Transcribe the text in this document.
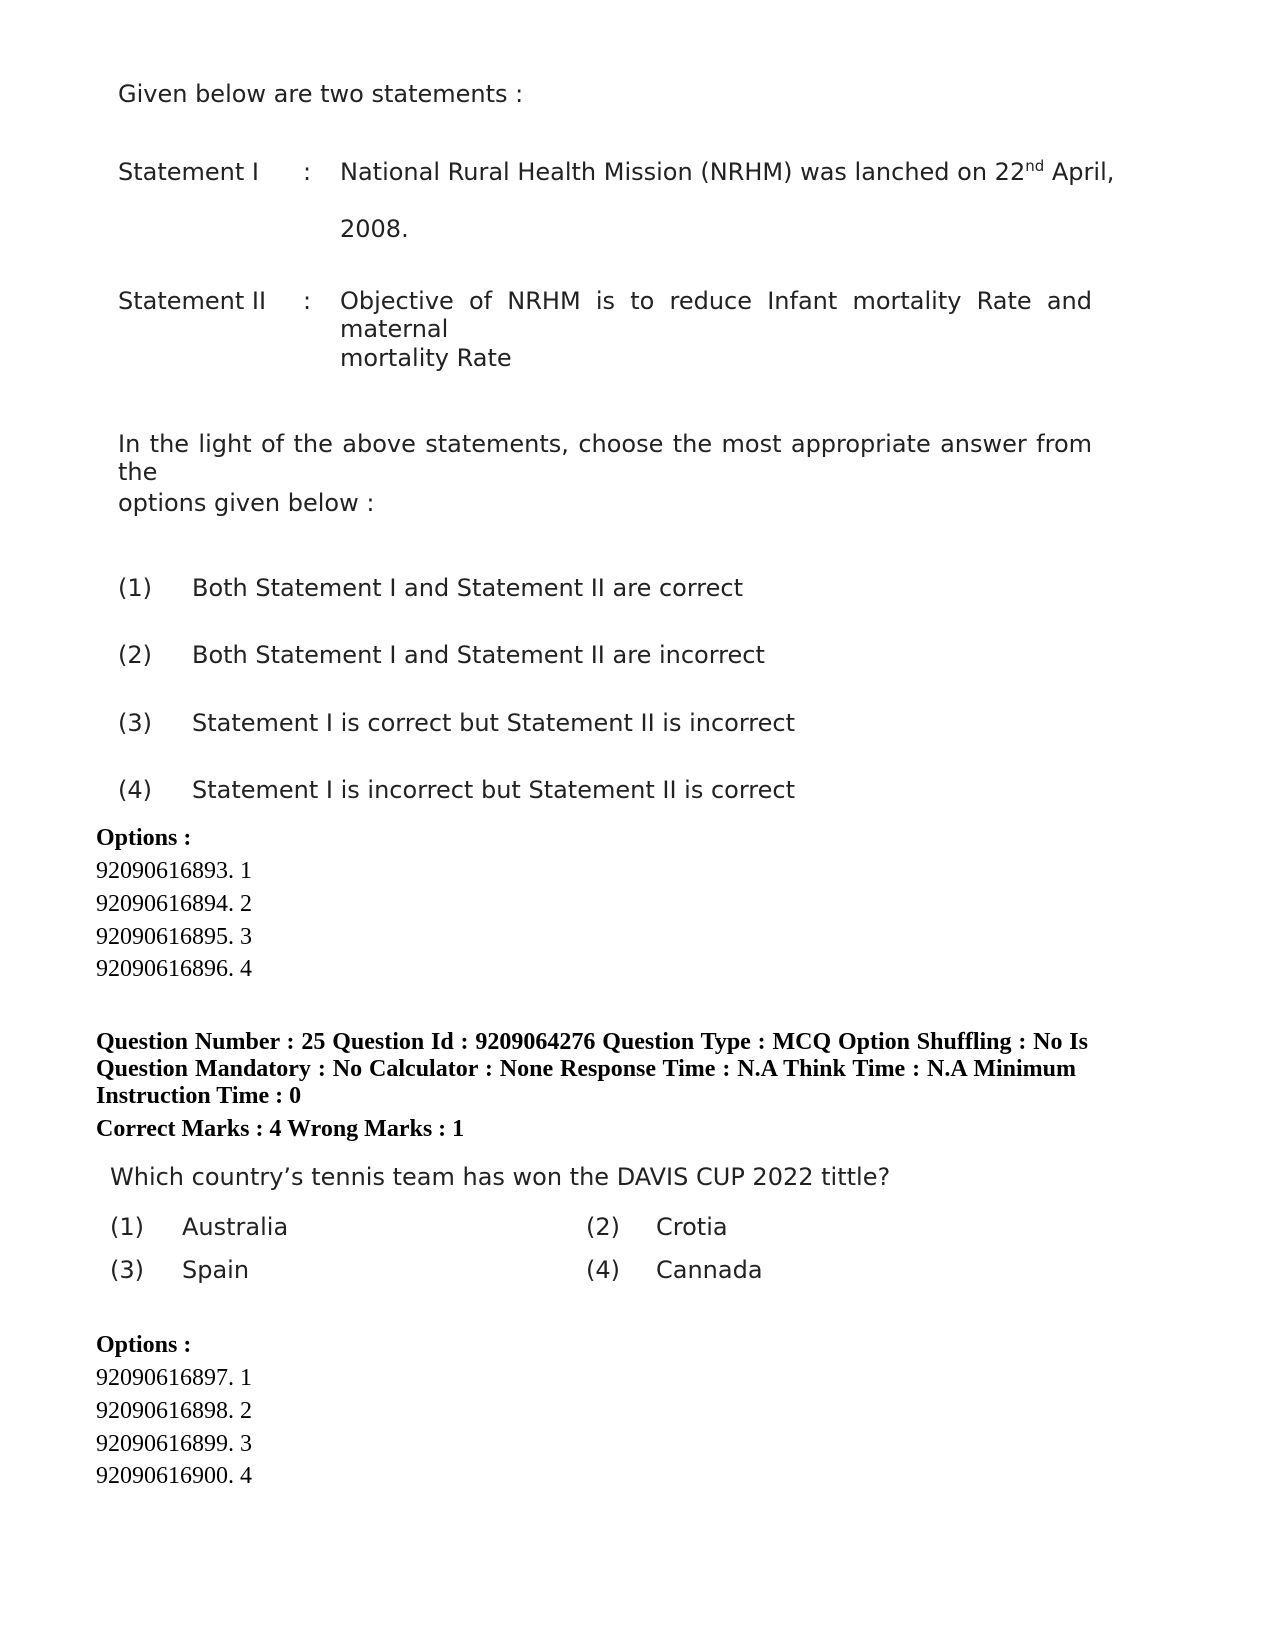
Given below are two statements :
Statement I : National Rural Health Mission (NRHM) was lanched on 22nd April,
2008.
Statement II : Objective of NRHM is to reduce Infant mortality Rate and maternal
mortality Rate
In the light of the above statements, choose the most appropriate answer from the
options given below :
(1) Both Statement I and Statement II are correct
(2) Both Statement I and Statement II are incorrect
(3) Statement I is correct but Statement II is incorrect
(4) Statement I is incorrect but Statement II is correct
Options :
92090616893. 1
92090616894. 2
92090616895. 3
92090616896. 4
Question Number : 25 Question Id : 9209064276 Question Type : MCQ Option Shuffling : No Is
Question Mandatory : No Calculator : None Response Time : N.A Think Time : N.A Minimum
Instruction Time : 0
Correct Marks : 4 Wrong Marks : 1
Which country’s tennis team has won the DAVIS CUP 2022 tittle?
(1) Australia	(2) Crotia
(3) Spain	(4) Cannada
Options :
92090616897. 1
92090616898. 2
92090616899. 3
92090616900. 4
